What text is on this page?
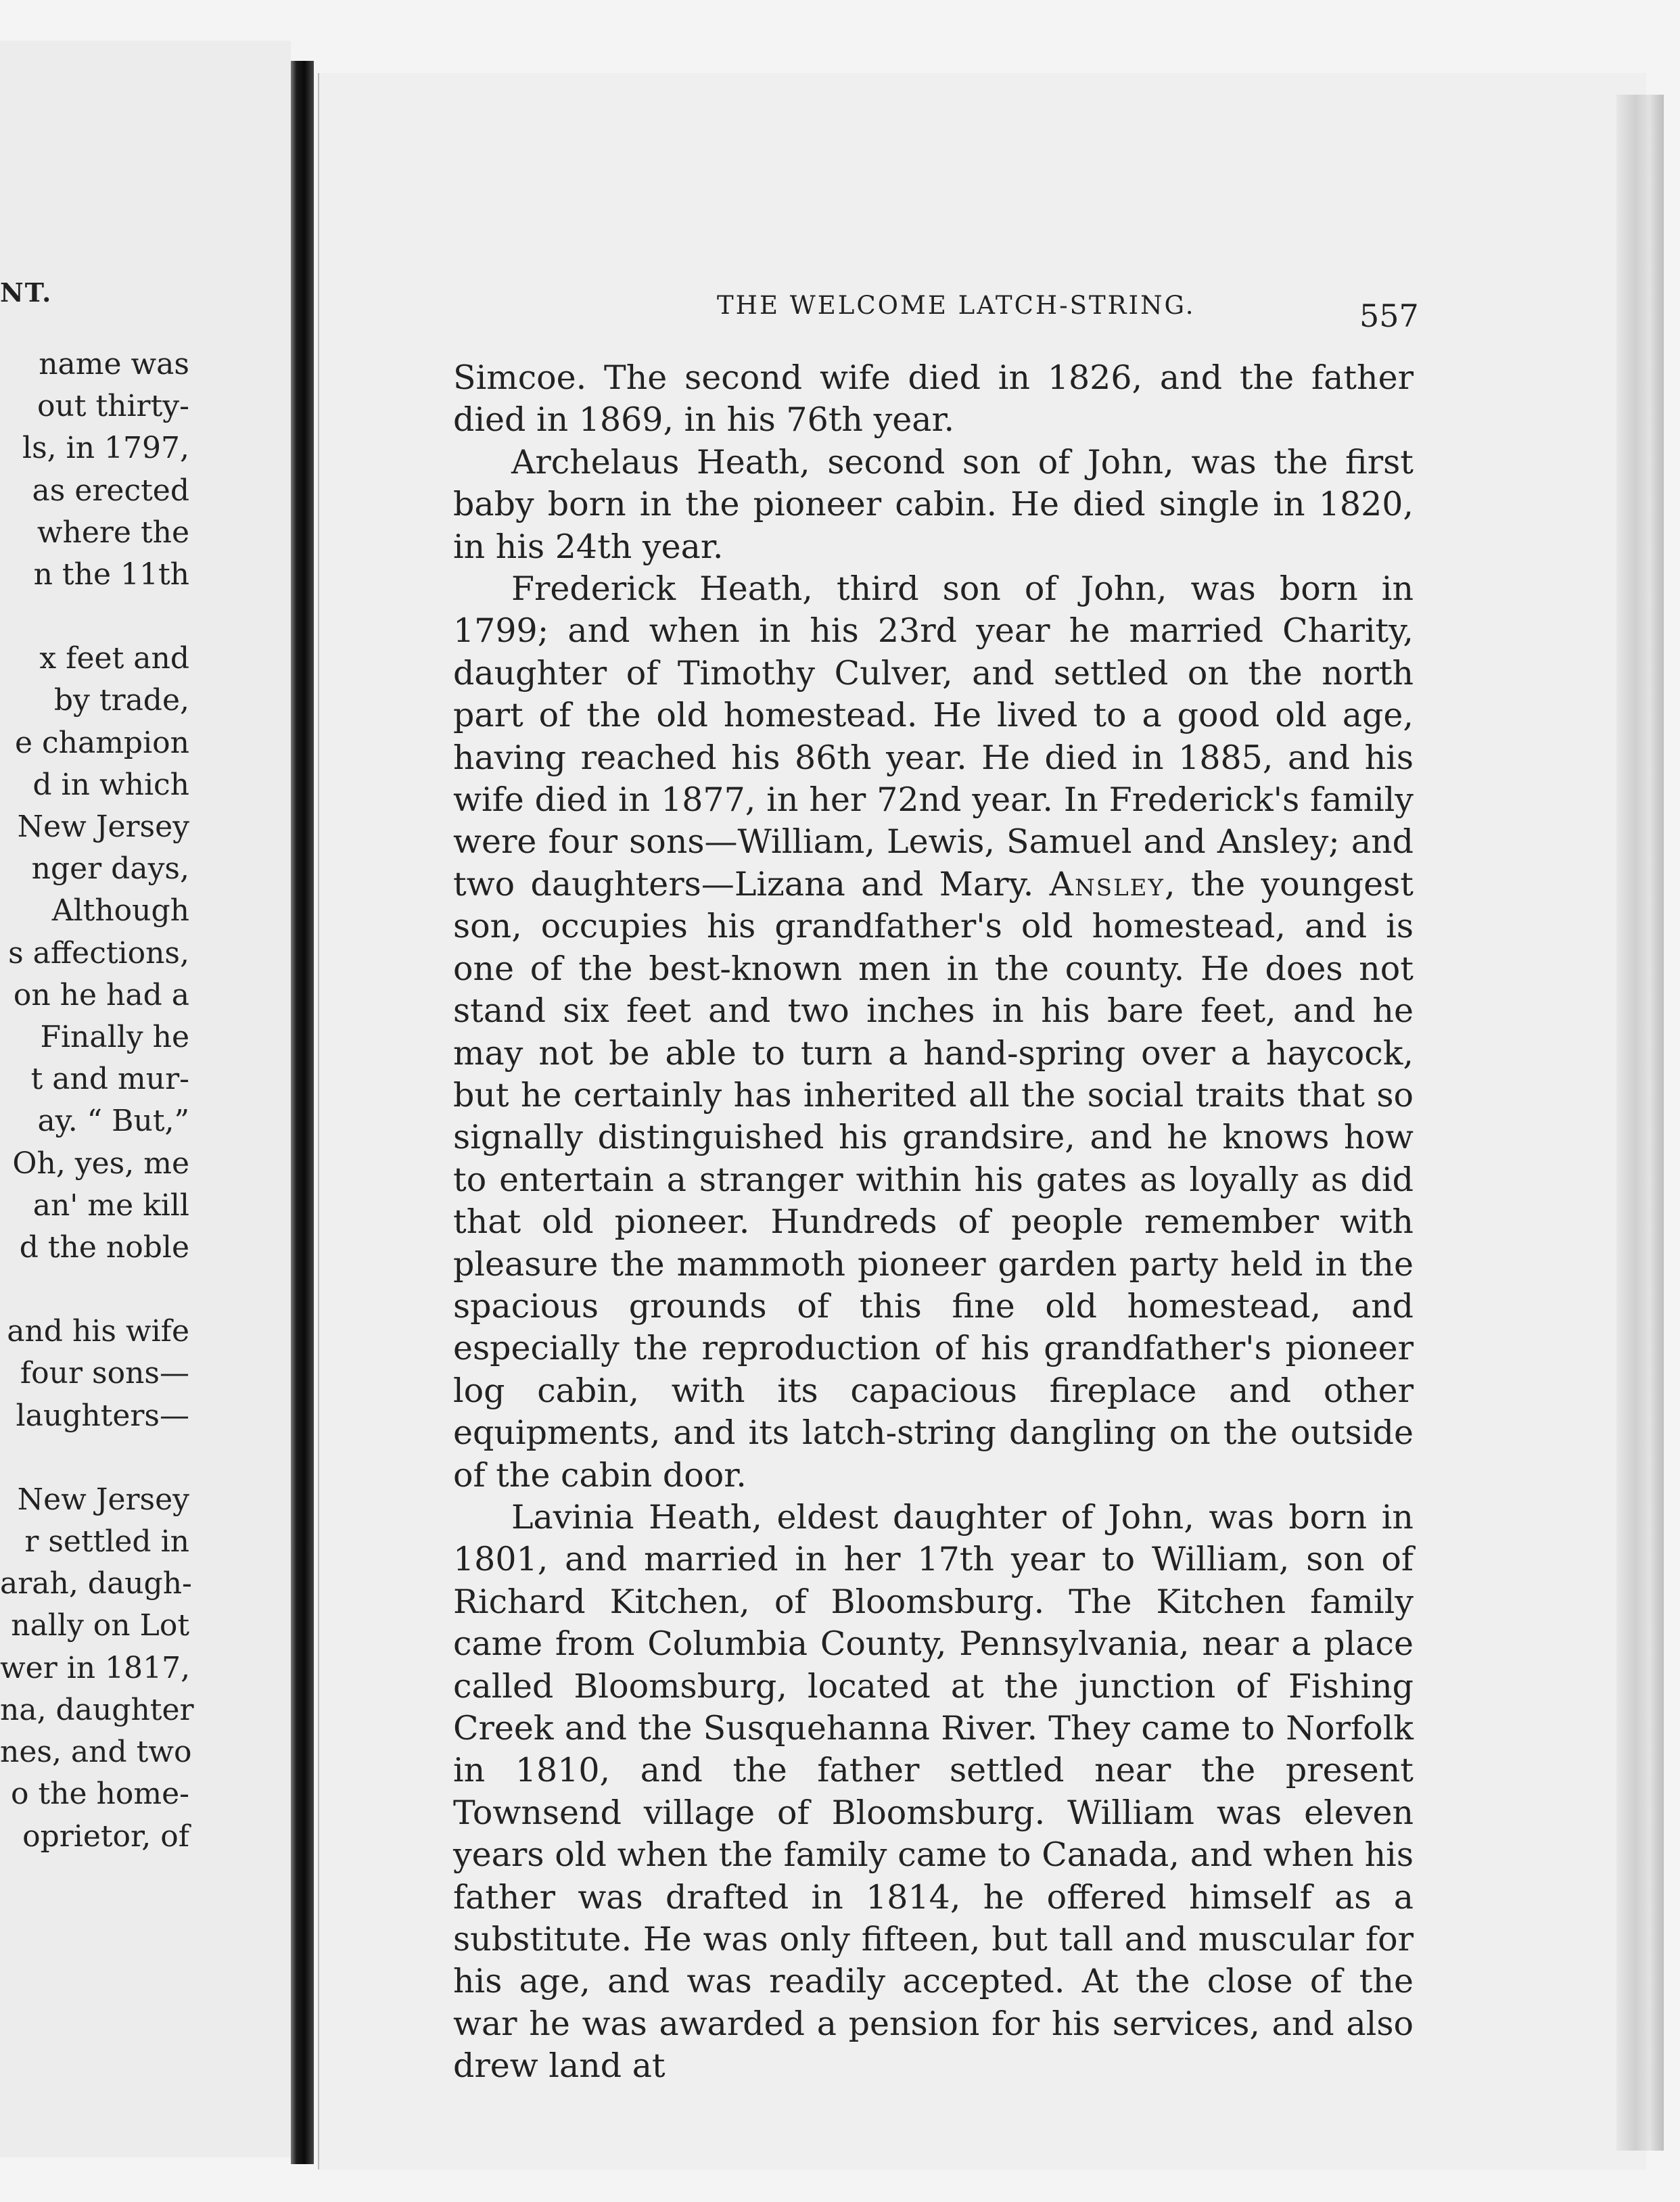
NT.
name was
out thirty-
ls, in 1797,
as erected
where the
n the 11th
x feet and
by trade,
e champion
d in which
New Jersey
nger days,
Although
s affections,
on he had a
Finally he
t and mur-
ay. “ But,”
Oh, yes, me
an' me kill
d the noble
and his wife
four sons—
laughters—
New Jersey
r settled in
arah, daugh-
nally on Lot
wer in 1817,
na, daughter
nes, and two
o the home-
oprietor, of
THE WELCOME LATCH-STRING.	557

Simcoe. The second wife died in 1826, and the father died in 1869, in his 76th year.

Archelaus Heath, second son of John, was the first baby born in the pioneer cabin. He died single in 1820, in his 24th year.

Frederick Heath, third son of John, was born in 1799; and when in his 23rd year he married Charity, daughter of Timothy Culver, and settled on the north part of the old homestead. He lived to a good old age, having reached his 86th year. He died in 1885, and his wife died in 1877, in her 72nd year. In Frederick's family were four sons—William, Lewis, Samuel and Ansley; and two daughters—Lizana and Mary. Ansley, the youngest son, occupies his grandfather's old homestead, and is one of the best-known men in the county. He does not stand six feet and two inches in his bare feet, and he may not be able to turn a hand-spring over a haycock, but he certainly has inherited all the social traits that so signally distinguished his grandsire, and he knows how to entertain a stranger within his gates as loyally as did that old pioneer. Hundreds of people remember with pleasure the mammoth pioneer garden party held in the spacious grounds of this fine old homestead, and especially the reproduction of his grandfather's pioneer log cabin, with its capacious fireplace and other equipments, and its latch-string dangling on the outside of the cabin door.

Lavinia Heath, eldest daughter of John, was born in 1801, and married in her 17th year to William, son of Richard Kitchen, of Bloomsburg. The Kitchen family came from Columbia County, Pennsylvania, near a place called Bloomsburg, located at the junction of Fishing Creek and the Susquehanna River. They came to Norfolk in 1810, and the father settled near the present Townsend village of Bloomsburg. William was eleven years old when the family came to Canada, and when his father was drafted in 1814, he offered himself as a substitute. He was only fifteen, but tall and muscular for his age, and was readily accepted. At the close of the war he was awarded a pension for his services, and also drew land at
